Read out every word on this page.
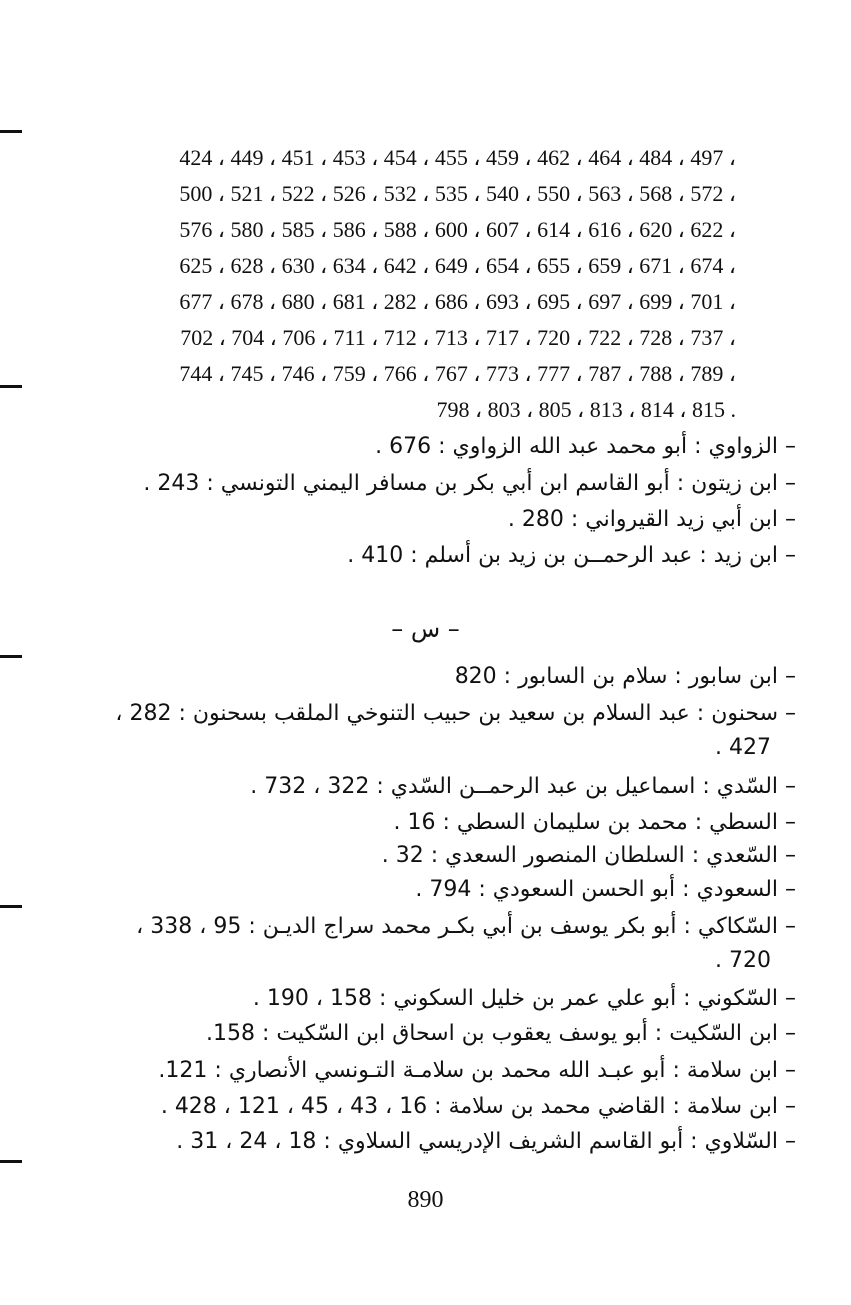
424 ، 449 ، 451 ، 453 ، 454 ، 455 ، 459 ، 462 ، 464 ، 484 ، 497 ،
500 ، 521 ، 522 ، 526 ، 532 ، 535 ، 540 ، 550 ، 563 ، 568 ، 572 ،
576 ، 580 ، 585 ، 586 ، 588 ، 600 ، 607 ، 614 ، 616 ، 620 ، 622 ،
625 ، 628 ، 630 ، 634 ، 642 ، 649 ، 654 ، 655 ، 659 ، 671 ، 674 ،
677 ، 678 ، 680 ، 681 ، 282 ، 686 ، 693 ، 695 ، 697 ، 699 ، 701 ،
702 ، 704 ، 706 ، 711 ، 712 ، 713 ، 717 ، 720 ، 722 ، 728 ، 737 ،
744 ، 745 ، 746 ، 759 ، 766 ، 767 ، 773 ، 777 ، 787 ، 788 ، 789 ،
798 ، 803 ، 805 ، 813 ، 814 ، 815 .
– الزواوي : أبو محمد عبد الله الزواوي : 676 .
– ابن زيتون : أبو القاسم ابن أبي بكر بن مسافر اليمني التونسي : 243 .
– ابن أبي زيد القيرواني : 280 .
– ابن زيد : عبد الرحمــن بن زيد بن أسلم : 410 .
– س –
– ابن سابور : سلام بن السابور : 820
– سحنون : عبد السلام بن سعيد بن حبيب التنوخي الملقب بسحنون : 282 ،
427 .
– السّدي : اسماعيل بن عبد الرحمــن السّدي : 322 ، 732 .
– السطي : محمد بن سليمان السطي : 16 .
– السّعدي : السلطان المنصور السعدي : 32 .
– السعودي : أبو الحسن السعودي : 794 .
– السّكاكي : أبو بكر يوسف بن أبي بكـر محمد سراج الديـن : 95 ، 338 ،
720 .
– السّكوني : أبو علي عمر بن خليل السكوني : 158 ، 190 .
– ابن السّكيت : أبو يوسف يعقوب بن اسحاق ابن السّكيت : 158.
– ابن سلامة : أبو عبـد الله محمد بن سلامـة التـونسي الأنصاري : 121.
– ابن سلامة : القاضي محمد بن سلامة : 16 ، 43 ، 45 ، 121 ، 428 .
– السّلاوي : أبو القاسم الشريف الإدريسي السلاوي : 18 ، 24 ، 31 .
890
